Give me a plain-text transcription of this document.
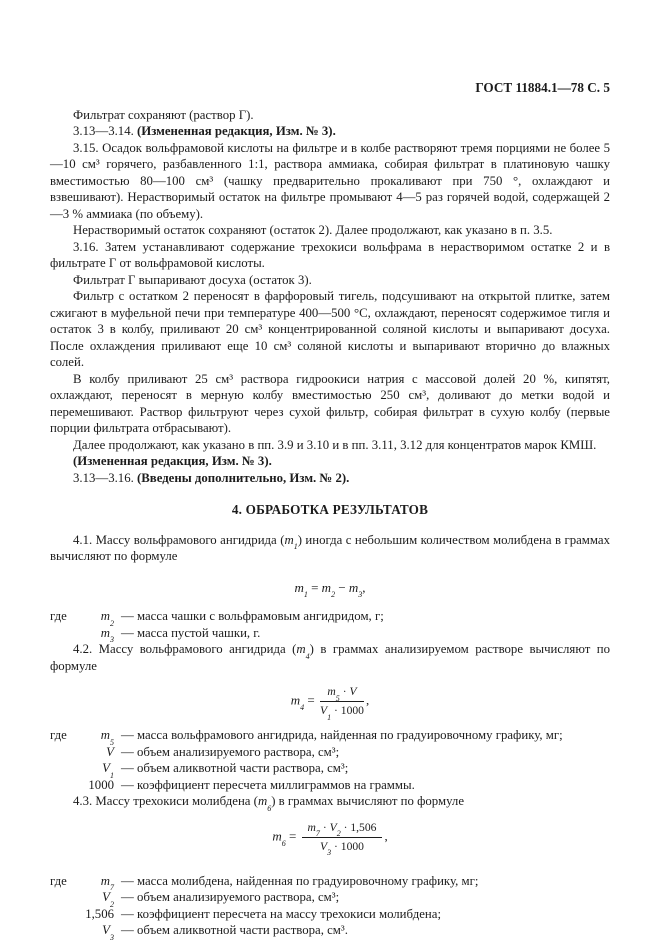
ГОСТ 11884.1—78 С. 5

Фильтрат сохраняют (раствор Г).

3.13—3.14. (Измененная редакция, Изм. № 3).

3.15. Осадок вольфрамовой кислоты на фильтре и в колбе растворяют тремя порциями не более 5—10 см³ горячего, разбавленного 1:1, раствора аммиака, собирая фильтрат в платиновую чашку вместимостью 80—100 см³ (чашку предварительно прокаливают при 750 °, охлаждают и взвешивают). Нерастворимый остаток на фильтре промывают 4—5 раз горячей водой, содержащей 2—3 % аммиака (по объему).

Нерастворимый остаток сохраняют (остаток 2). Далее продолжают, как указано в п. 3.5.

3.16. Затем устанавливают содержание трехокиси вольфрама в нерастворимом остатке 2 и в фильтрате Г от вольфрамовой кислоты.

Фильтрат Г выпаривают досуха (остаток 3).

Фильтр с остатком 2 переносят в фарфоровый тигель, подсушивают на открытой плитке, затем сжигают в муфельной печи при температуре 400—500 °С, охлаждают, переносят содержимое тигля и остаток 3 в колбу, приливают 20 см³ концентрированной соляной кислоты и выпаривают досуха. После охлаждения приливают еще 10 см³ соляной кислоты и выпаривают вторично до влажных солей.

В колбу приливают 25 см³ раствора гидроокиси натрия с массовой долей 20 %, кипятят, охлаждают, переносят в мерную колбу вместимостью 250 см³, доливают до метки водой и перемешивают. Раствор фильтруют через сухой фильтр, собирая фильтрат в сухую колбу (первые порции фильтрата отбрасывают).

Далее продолжают, как указано в пп. 3.9 и 3.10 и в пп. 3.11, 3.12 для концентратов марок КМШ.

(Измененная редакция, Изм. № 3).

3.13—3.16. (Введены дополнительно, Изм. № 2).

4. ОБРАБОТКА РЕЗУЛЬТАТОВ

4.1. Массу вольфрамового ангидрида $(m_1)$ иногда с небольшим количеством молибдена в граммах вычисляют по формуле

$m_1 = m_2 - m_3$,
где	$m_2$
— масса чашки с вольфрамовым ангидридом, г;
$m_3$
— масса пустой чашки, г.

4.2. Массу вольфрамового ангидрида $(m_4)$ в граммах анализируемом растворе вычисляют по формуле

$m_4 = \frac{m_5 \cdot V}{V_1 \cdot 1000}$ ,
где	$m_5$
— масса вольфрамового ангидрида, найденная по градуировочному графику, мг;
V — объем анализируемого раствора, см³;
$V_1$
— объем аликвотной части раствора, см³;
1000 — коэффициент пересчета миллиграммов на граммы.

4.3. Массу трехокиси молибдена $(m_6)$ в граммах вычисляют по формуле

$m_6 = \frac{m_7 \cdot V_2 \cdot 1,506}{V_3 \cdot 1000}$ ,
где	$m_7$
— масса молибдена, найденная по градуировочному графику, мг;
$V_2$
— объем анализируемого раствора, см³;
1,506 — коэффициент пересчета на массу трехокиси молибдена;
$V_3$
— объем аликвотной части раствора, см³.
